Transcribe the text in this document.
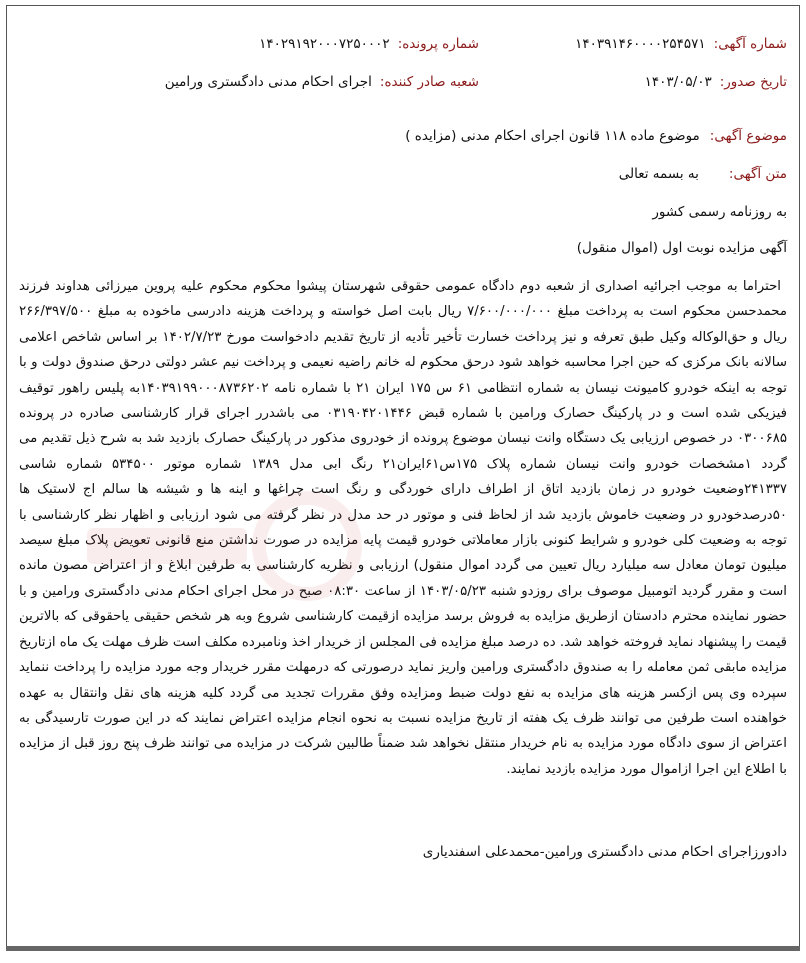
شماره آگهی:
۱۴۰۳۹۱۴۶۰۰۰۰۲۵۴۵۷۱
شماره پرونده:
۱۴۰۲۹۱۹۲۰۰۰۷۲۵۰۰۰۲
تاریخ صدور:
۱۴۰۳/۰۵/۰۳
شعبه صادر کننده:
اجرای احکام مدنی دادگستری ورامین
موضوع آگهی:
موضوع ماده ۱۱۸ قانون اجرای احکام مدنی (مزایده )
متن آگهی:
به بسمه تعالی
به روزنامه رسمی کشور
آگهی مزایده نوبت اول (اموال منقول)

احتراما به موجب اجرائیه اصداری از شعبه دوم دادگاه عمومی حقوقی شهرستان پیشوا محکوم محکوم علیه پروین میرزائی هداوند فرزند محمدحسن محکوم است به پرداخت مبلغ ۷/۶۰۰/۰۰۰/۰۰۰ ریال بابت اصل خواسته و پرداخت هزینه دادرسی ماخوده به مبلغ ۲۶۶/۳۹۷/۵۰۰ ریال و حق‌الوکاله وکیل طبق تعرفه و نیز پرداخت خسارت تأخیر تأدیه از تاریخ تقدیم دادخواست مورخ ۱۴۰۲/۷/۲۳ بر اساس شاخص اعلامی سالانه بانک مرکزی که حین اجرا محاسبه خواهد شود درحق محکوم له خانم راضیه نعیمی و پرداخت نیم عشر دولتی درحق صندوق دولت و با توجه به اینکه خودرو کامیونت نیسان به شماره انتظامی ۶۱ س ۱۷۵ ایران ۲۱ با شماره نامه ۱۴۰۳۹۱۹۹۰۰۰۸۷۳۶۲۰۲به پلیس راهور توقیف فیزیکی شده است و در پارکینگ حصارک ورامین با شماره قبض ۰۳۱۹۰۴۲۰۱۴۴۶ می باشدرر اجرای قرار کارشناسی صادره در پرونده ۰۳۰۰۶۸۵ در خصوص ارزیابی یک دستگاه وانت نیسان موضوع پرونده از خودروی مذکور در پارکینگ حصارک بازدید شد به شرح ذیل تقدیم می گردد ۱مشخصات خودرو وانت نیسان شماره پلاک ۱۷۵س۶۱ایران۲۱ رنگ ابی مدل ۱۳۸۹ شماره موتور ۵۳۴۵۰۰ شماره شاسی ۲۴۱۳۳۷وضعیت خودرو در زمان بازدید اتاق از اطراف دارای خوردگی و رنگ است چراغها و اینه ها و شیشه ها سالم اج لاستیک ها ۵۰درصدخودرو در وضعیت خاموش بازدید شد از لحاظ فنی و موتور در حد مدل در نظر گرفته می شود ارزیابی و اظهار نظر کارشناسی با توجه به وضعیت کلی خودرو و شرایط کنونی بازار معاملاتی خودرو قیمت پایه مزایده در صورت نداشتن منع قانونی تعویض پلاک مبلغ سیصد میلیون تومان معادل سه میلیارد ریال تعیین می گردد اموال منقول) ارزیابی و نظریه کارشناسی به طرفین ابلاغ و از اعتراض مصون مانده است و مقرر گردید اتومبیل موصوف برای روزدو شنبه ۱۴۰۳/۰۵/۲۳ از ساعت ۰۸:۳۰ صبح در محل اجرای احکام مدنی دادگستری ورامین و با حضور نماینده محترم دادستان ازطریق مزایده به فروش برسد مزایده ازقیمت کارشناسی شروع وبه هر شخص حقیقی یاحقوقی که بالاترین قیمت را پیشنهاد نماید فروخته خواهد شد. ده درصد مبلغ مزایده فی المجلس از خریدار اخذ ونامبرده مکلف است ظرف مهلت یک ماه ازتاریخ مزایده مابقی ثمن معامله را به صندوق دادگستری ورامین واریز نماید درصورتی که درمهلت مقرر خریدار وجه مورد مزایده را پرداخت ننماید سپرده وی پس ازکسر هزینه های مزایده به نفع دولت ضبط ومزایده وفق مقررات تجدید می گردد کلیه هزینه های نقل وانتقال به عهده خواهنده است طرفین می توانند ظرف یک هفته از تاریخ مزایده نسبت به نحوه انجام مزایده اعتراض نمایند که در این صورت تارسیدگی به اعتراض از سوی دادگاه مورد مزایده به نام خریدار منتقل نخواهد شد ضمناً طالبین شرکت در مزایده می توانند ظرف پنج روز قبل از مزایده با اطلاع این اجرا ازاموال مورد مزایده بازدید نمایند.

دادورزاجرای احکام مدنی دادگستری ورامین-محمدعلی اسفندیاری
